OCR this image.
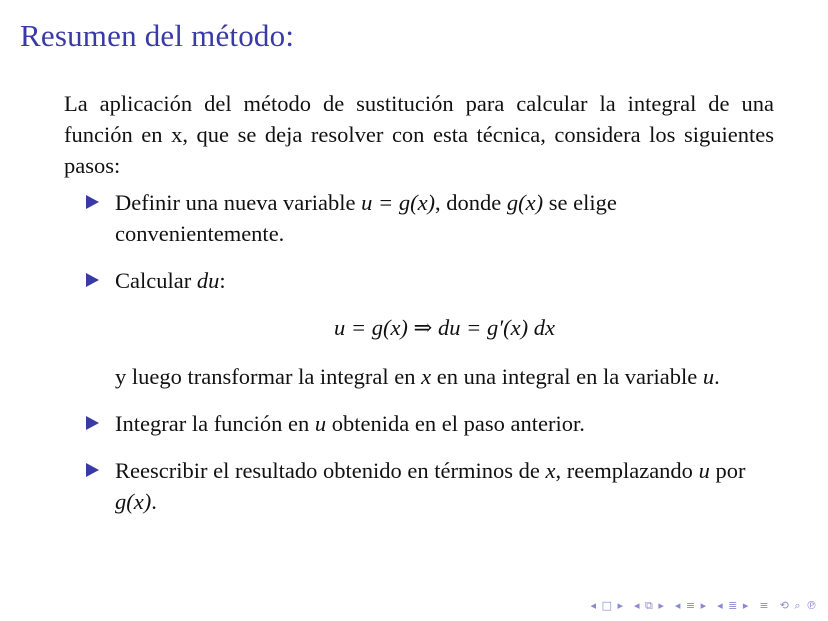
Resumen del método:

La aplicación del método de sustitución para calcular la integral de una función en x, que se deja resolver con esta técnica, considera los siguientes pasos:

Definir una nueva variable u = g(x), donde g(x) se elige convenientemente.
Calcular du:
u = g(x) ⇒ du = g′(x) dx
y luego transformar la integral en x en una integral en la variable u.
Integrar la función en u obtenida en el paso anterior.
Reescribir el resultado obtenido en términos de x, reemplazando u por g(x).
◂ □ ▸ ◂ ⧉ ▸ ◂ ≡ ▸ ◂ ≣ ▸ ≡ ⟲ ⌕ ℗
